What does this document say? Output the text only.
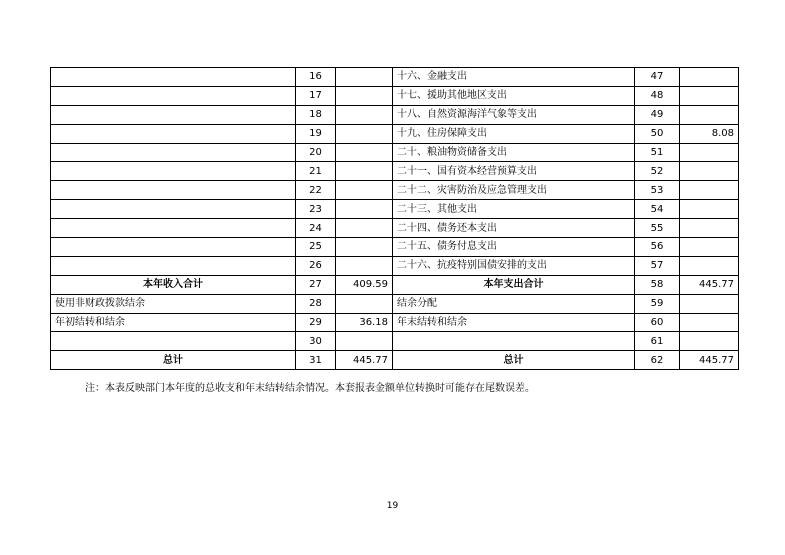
	16		十六、金融支出	47	
	17		十七、援助其他地区支出	48	
	18		十八、自然资源海洋气象等支出	49	
	19		十九、住房保障支出	50	8.08
	20		二十、粮油物资储备支出	51	
	21		二十一、国有资本经营预算支出	52	
	22		二十二、灾害防治及应急管理支出	53	
	23		二十三、其他支出	54	
	24		二十四、债务还本支出	55	
	25		二十五、债务付息支出	56	
	26		二十六、抗疫特别国债安排的支出	57	
本年收入合计	27	409.59	本年支出合计	58	445.77
使用非财政拨款结余	28		结余分配	59	
年初结转和结余	29	36.18	年末结转和结余	60	
	30			61	
总计	31	445.77	总计	62	445.77
注：本表反映部门本年度的总收支和年末结转结余情况。本套报表金额单位转换时可能存在尾数误差。
19
